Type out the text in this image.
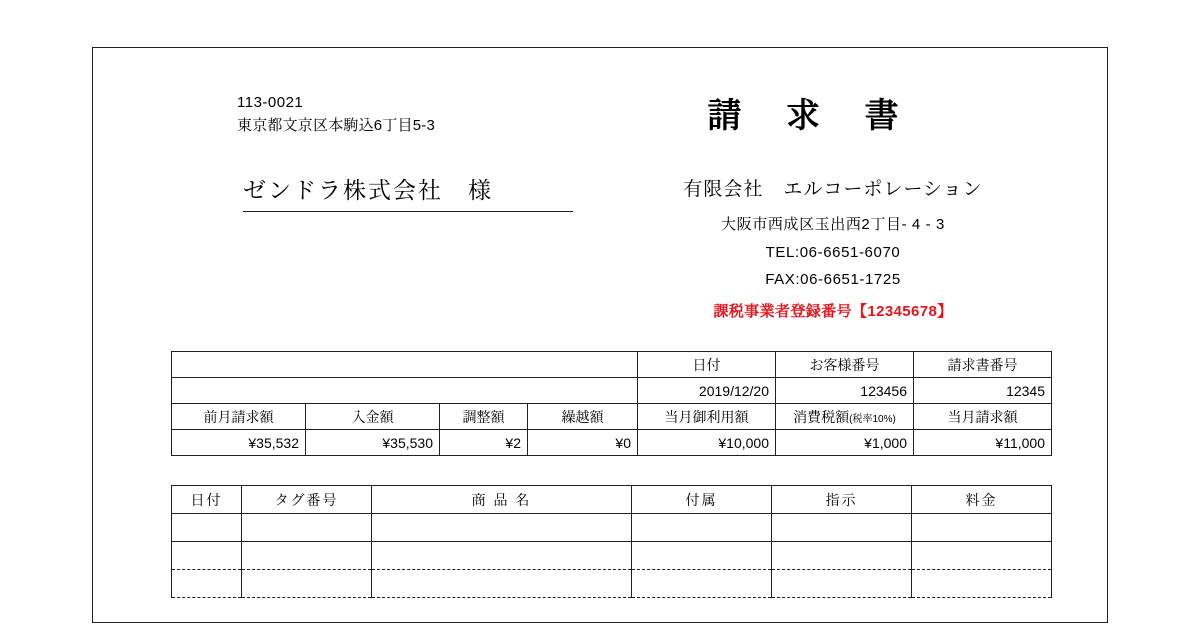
113-0021
東京都文京区本駒込6丁目5-3	請 求 書
ゼンドラ株式会社　様	有限会社　エルコーポレーション
大阪市西成区玉出西2丁目- 4 - 3
TEL:06-6651-6070
FAX:06-6651-1725
課税事業者登録番号【12345678】
				日付	お客様番号	請求書番号
				2019/12/20	123456	12345
前月請求額	入金額	調整額	繰越額	当月御利用額	消費税額(税率10%)	当月請求額
¥35,532	¥35,530	¥2	¥0	¥10,000	¥1,000	¥11,000
日付	タグ番号	商 品 名	付属	指示	料金
